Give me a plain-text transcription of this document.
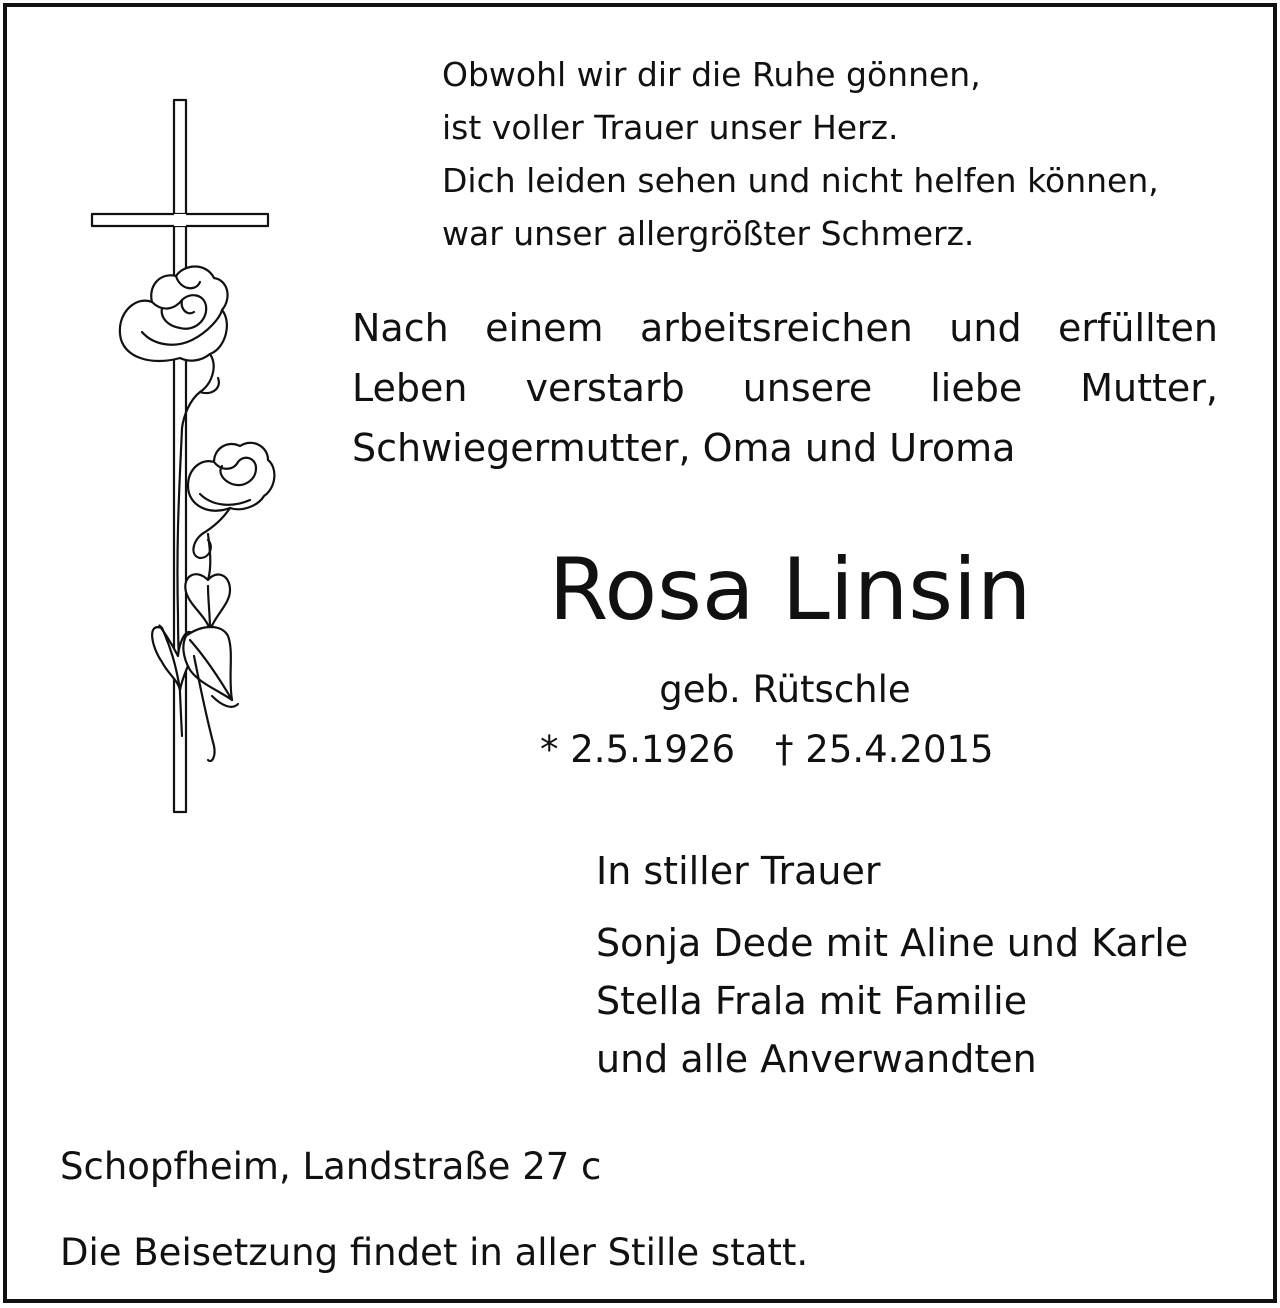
Obwohl wir dir die Ruhe gönnen,
ist voller Trauer unser Herz.
Dich leiden sehen und nicht helfen können,
war unser allergrößter Schmerz.
Nach einem arbeitsreichen und erfüllten
Leben verstarb unsere liebe Mutter,
Schwiegermutter, Oma und Uroma
Rosa Linsin
geb. Rütschle
* 2.5.1926 † 25.4.2015
In stiller Trauer
Sonja Dede mit Aline und Karle
Stella Frala mit Familie
und alle Anverwandten
Schopfheim, Landstraße 27 c
Die Beisetzung findet in aller Stille statt.
